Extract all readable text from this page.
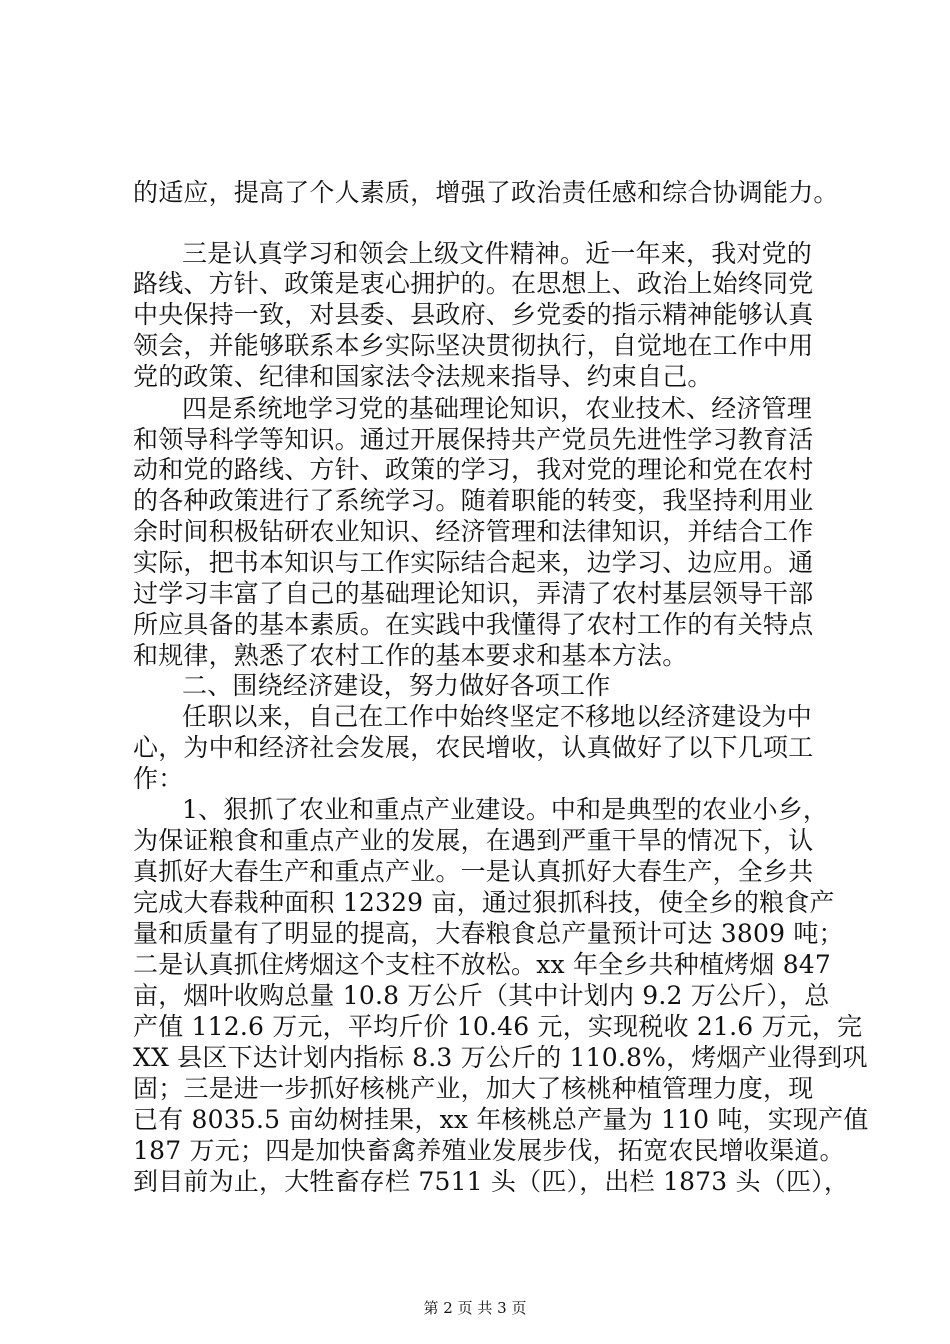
的适应，提高了个人素质，增强了政治责任感和综合协调能力。
三是认真学习和领会上级文件精神。近一年来，我对党的
路线、方针、政策是衷心拥护的。在思想上、政治上始终同党
中央保持一致，对县委、县政府、乡党委的指示精神能够认真
领会，并能够联系本乡实际坚决贯彻执行，自觉地在工作中用
党的政策、纪律和国家法令法规来指导、约束自己。
四是系统地学习党的基础理论知识，农业技术、经济管理
和领导科学等知识。通过开展保持共产党员先进性学习教育活
动和党的路线、方针、政策的学习，我对党的理论和党在农村
的各种政策进行了系统学习。随着职能的转变，我坚持利用业
余时间积极钻研农业知识、经济管理和法律知识，并结合工作
实际，把书本知识与工作实际结合起来，边学习、边应用。通
过学习丰富了自己的基础理论知识，弄清了农村基层领导干部
所应具备的基本素质。在实践中我懂得了农村工作的有关特点
和规律，熟悉了农村工作的基本要求和基本方法。
二、围绕经济建设，努力做好各项工作
任职以来，自己在工作中始终坚定不移地以经济建设为中
心，为中和经济社会发展，农民增收，认真做好了以下几项工
作：
1、狠抓了农业和重点产业建设。中和是典型的农业小乡，
为保证粮食和重点产业的发展，在遇到严重干旱的情况下，认
真抓好大春生产和重点产业。一是认真抓好大春生产，全乡共
完成大春栽种面积 12329 亩，通过狠抓科技，使全乡的粮食产
量和质量有了明显的提高，大春粮食总产量预计可达 3809 吨；
二是认真抓住烤烟这个支柱不放松。xx 年全乡共种植烤烟 847
亩，烟叶收购总量 10.8 万公斤（其中计划内 9.2 万公斤），总
产值 112.6 万元，平均斤价 10.46 元，实现税收 21.6 万元，完
XX 县区下达计划内指标 8.3 万公斤的 110.8%，烤烟产业得到巩
固；三是进一步抓好核桃产业，加大了核桃种植管理力度，现
已有 8035.5 亩幼树挂果，xx 年核桃总产量为 110 吨，实现产值
187 万元；四是加快畜禽养殖业发展步伐，拓宽农民增收渠道。
到目前为止，大牲畜存栏 7511 头（匹），出栏 1873 头（匹），
第 2 页 共 3 页
